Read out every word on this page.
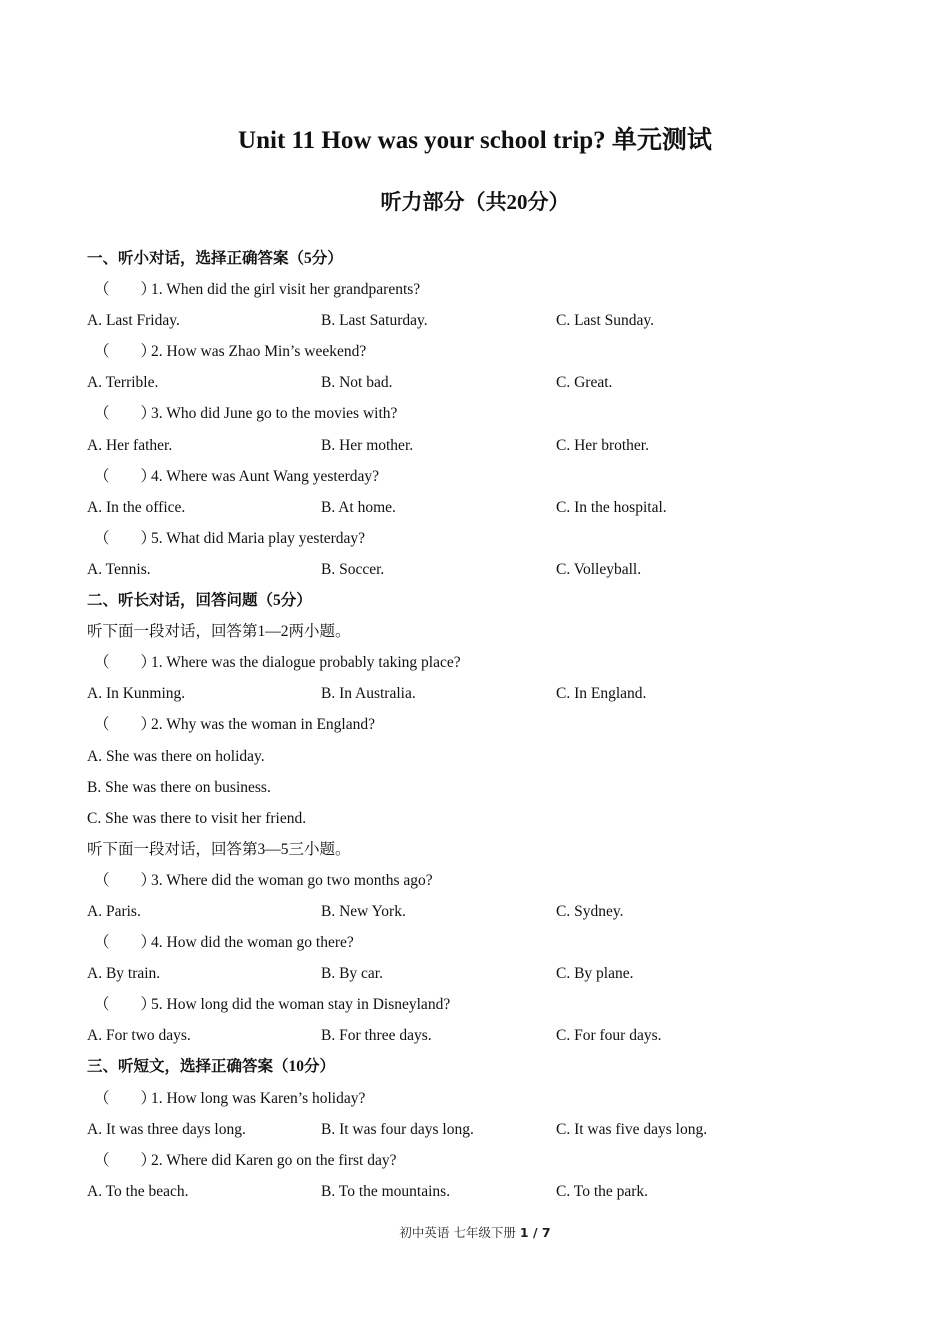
Unit 11 How was your school trip? 单元测试
听力部分（共20分）
一、听小对话，选择正确答案（5分）
（　　）1. When did the girl visit her grandparents?
A. Last Friday.	B. Last Saturday.	C. Last Sunday.
（　　）2. How was Zhao Min’s weekend?
A. Terrible.	B. Not bad.	C. Great.
（　　）3. Who did June go to the movies with?
A. Her father.	B. Her mother.	C. Her brother.
（　　）4. Where was Aunt Wang yesterday?
A. In the office.	B. At home.	C. In the hospital.
（　　）5. What did Maria play yesterday?
A. Tennis.	B. Soccer.	C. Volleyball.
二、听长对话，回答问题（5分）
听下面一段对话，回答第1—2两小题。
（　　）1. Where was the dialogue probably taking place?
A. In Kunming.	B. In Australia.	C. In England.
（　　）2. Why was the woman in England?
A. She was there on holiday.
B. She was there on business.
C. She was there to visit her friend.
听下面一段对话，回答第3—5三小题。
（　　）3. Where did the woman go two months ago?
A. Paris.	B. New York.	C. Sydney.
（　　）4. How did the woman go there?
A. By train.	B. By car.	C. By plane.
（　　）5. How long did the woman stay in Disneyland?
A. For two days.	B. For three days.	C. For four days.
三、听短文，选择正确答案（10分）
（　　）1. How long was Karen’s holiday?
A. It was three days long.	B. It was four days long.	C. It was five days long.
（　　）2. Where did Karen go on the first day?
A. To the beach.	B. To the mountains.	C. To the park.
初中英语 七年级下册 1 / 7
